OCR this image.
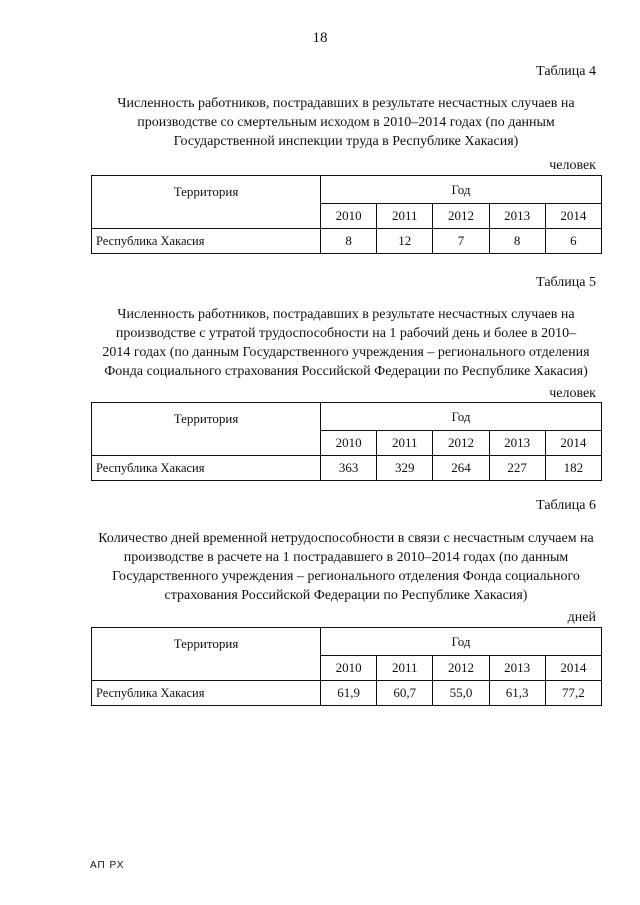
18
Таблица 4
Численность работников, пострадавших в результате несчастных случаев на
производстве со смертельным исходом в 2010–2014 годах (по данным
Государственной инспекции труда в Республике Хакасия)
человек
Территория	Год				
	2010	2011	2012	2013	2014
Республика Хакасия	8	12	7	8	6
Таблица 5
Численность работников, пострадавших в результате несчастных случаев на
производстве с утратой трудоспособности на 1 рабочий день и более в 2010–
2014 годах (по данным Государственного учреждения – регионального отделения
Фонда социального страхования Российской Федерации по Республике Хакасия)
человек
Территория	Год				
	2010	2011	2012	2013	2014
Республика Хакасия	363	329	264	227	182
Таблица 6
Количество дней временной нетрудоспособности в связи с несчастным случаем на
производстве в расчете на 1 пострадавшего в 2010–2014 годах (по данным
Государственного учреждения – регионального отделения Фонда социального
страхования Российской Федерации по Республике Хакасия)
дней
Территория	Год				
	2010	2011	2012	2013	2014
Республика Хакасия	61,9	60,7	55,0	61,3	77,2
АП РХ
